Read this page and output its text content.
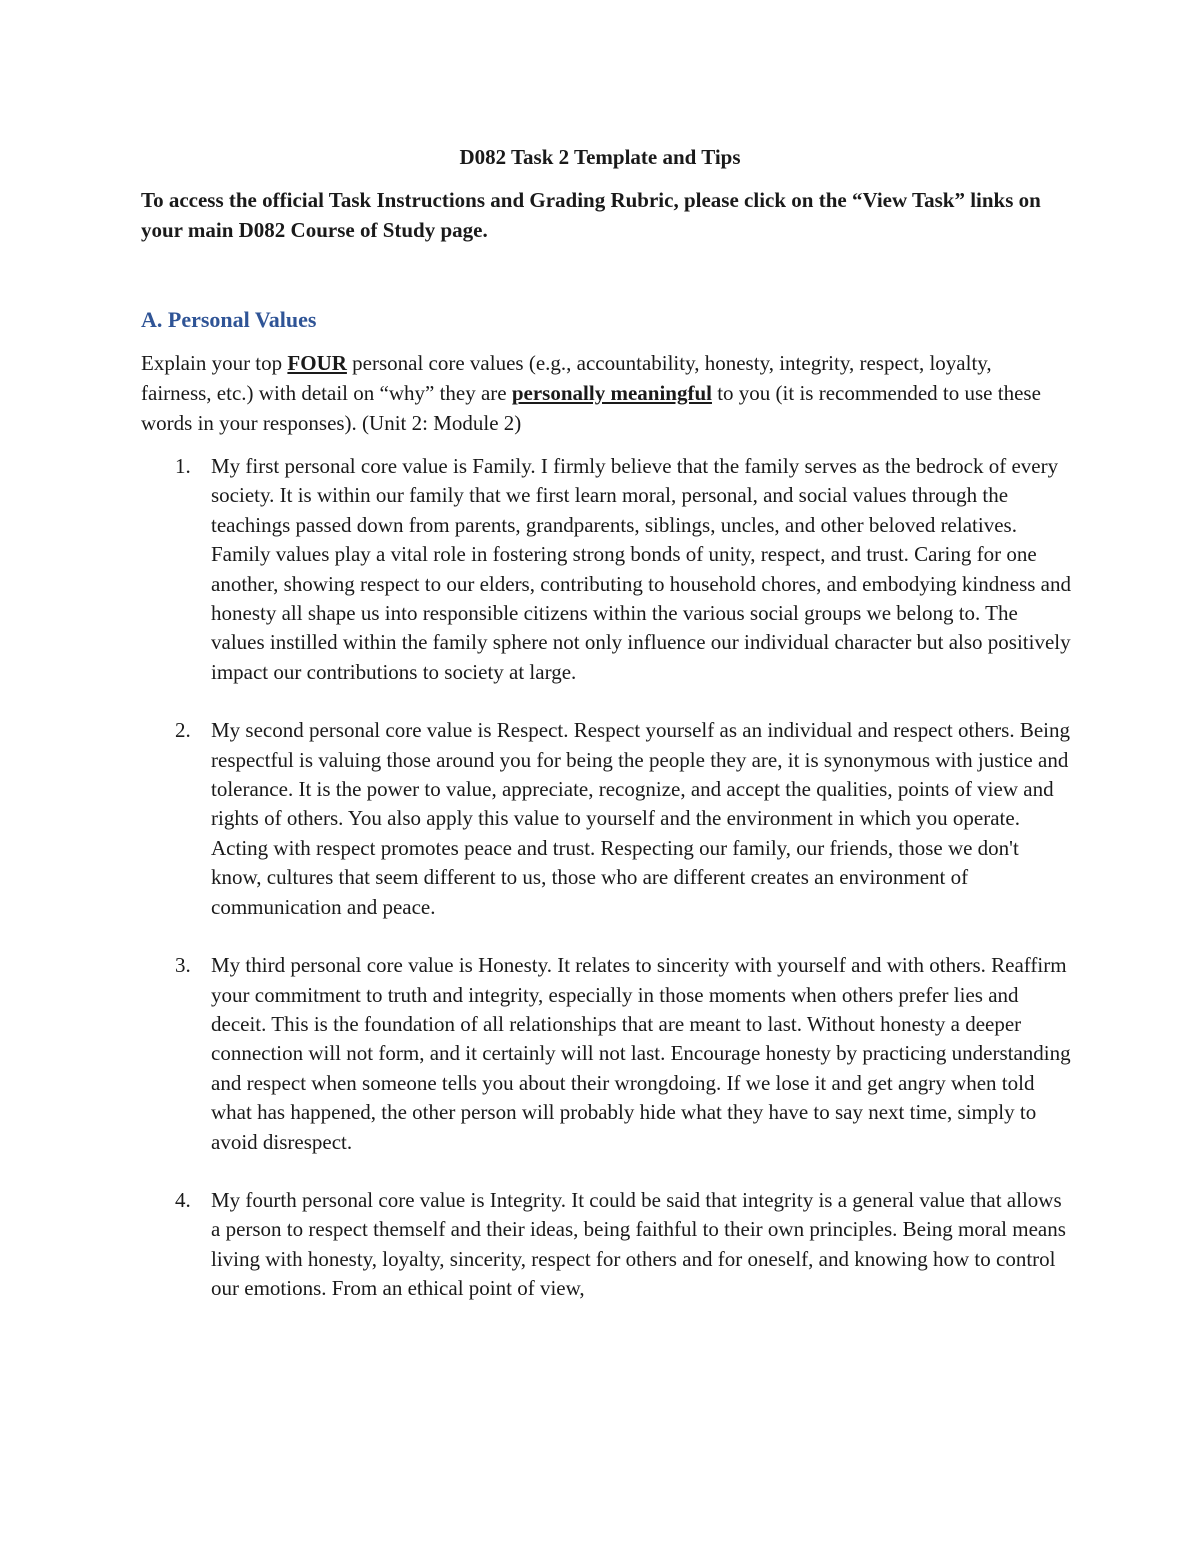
D082 Task 2 Template and Tips
To access the official Task Instructions and Grading Rubric, please click on the “View Task” links on your main D082 Course of Study page.
A. Personal Values
Explain your top FOUR personal core values (e.g., accountability, honesty, integrity, respect, loyalty, fairness, etc.) with detail on “why” they are personally meaningful to you (it is recommended to use these words in your responses). (Unit 2: Module 2)
1. My first personal core value is Family. I firmly believe that the family serves as the bedrock of every society. It is within our family that we first learn moral, personal, and social values through the teachings passed down from parents, grandparents, siblings, uncles, and other beloved relatives. Family values play a vital role in fostering strong bonds of unity, respect, and trust. Caring for one another, showing respect to our elders, contributing to household chores, and embodying kindness and honesty all shape us into responsible citizens within the various social groups we belong to. The values instilled within the family sphere not only influence our individual character but also positively impact our contributions to society at large.
2. My second personal core value is Respect. Respect yourself as an individual and respect others. Being respectful is valuing those around you for being the people they are, it is synonymous with justice and tolerance. It is the power to value, appreciate, recognize, and accept the qualities, points of view and rights of others. You also apply this value to yourself and the environment in which you operate. Acting with respect promotes peace and trust. Respecting our family, our friends, those we don't know, cultures that seem different to us, those who are different creates an environment of communication and peace.
3. My third personal core value is Honesty. It relates to sincerity with yourself and with others. Reaffirm your commitment to truth and integrity, especially in those moments when others prefer lies and deceit. This is the foundation of all relationships that are meant to last. Without honesty a deeper connection will not form, and it certainly will not last. Encourage honesty by practicing understanding and respect when someone tells you about their wrongdoing. If we lose it and get angry when told what has happened, the other person will probably hide what they have to say next time, simply to avoid disrespect.
4. My fourth personal core value is Integrity. It could be said that integrity is a general value that allows a person to respect themself and their ideas, being faithful to their own principles. Being moral means living with honesty, loyalty, sincerity, respect for others and for oneself, and knowing how to control our emotions. From an ethical point of view,
